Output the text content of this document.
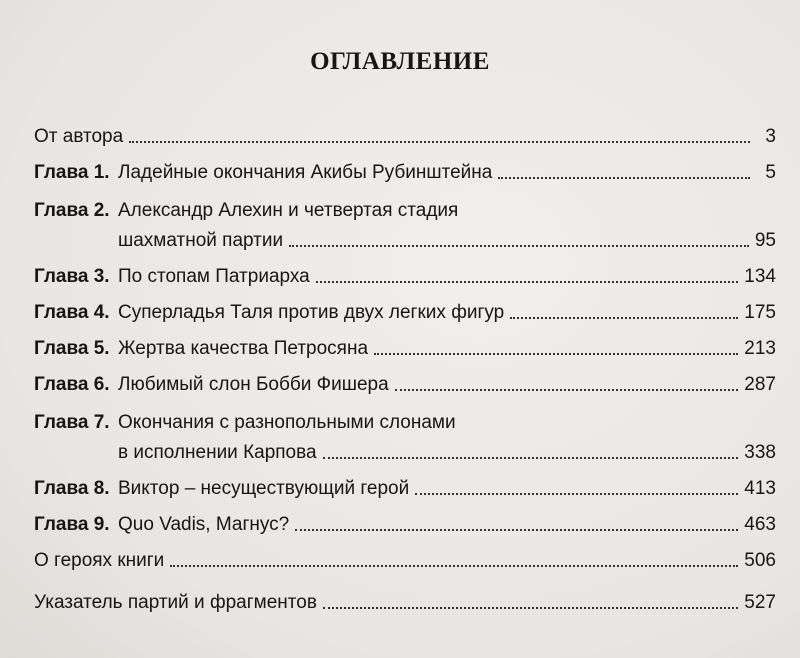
ОГЛАВЛЕНИЕ
От автора	3
Глава 1. Ладейные окончания Акибы Рубинштейна	5
Глава 2. Александр Алехин и четвертая стадия
шахматной партии	95
Глава 3. По стопам Патриарха	134
Глава 4. Суперладья Таля против двух легких фигур	175
Глава 5. Жертва качества Петросяна	213
Глава 6. Любимый слон Бобби Фишера	287
Глава 7. Окончания с разнопольными слонами
в исполнении Карпова	338
Глава 8. Виктор – несуществующий герой	413
Глава 9. Quo Vadis, Магнус?	463
О героях книги	506
Указатель партий и фрагментов	527
